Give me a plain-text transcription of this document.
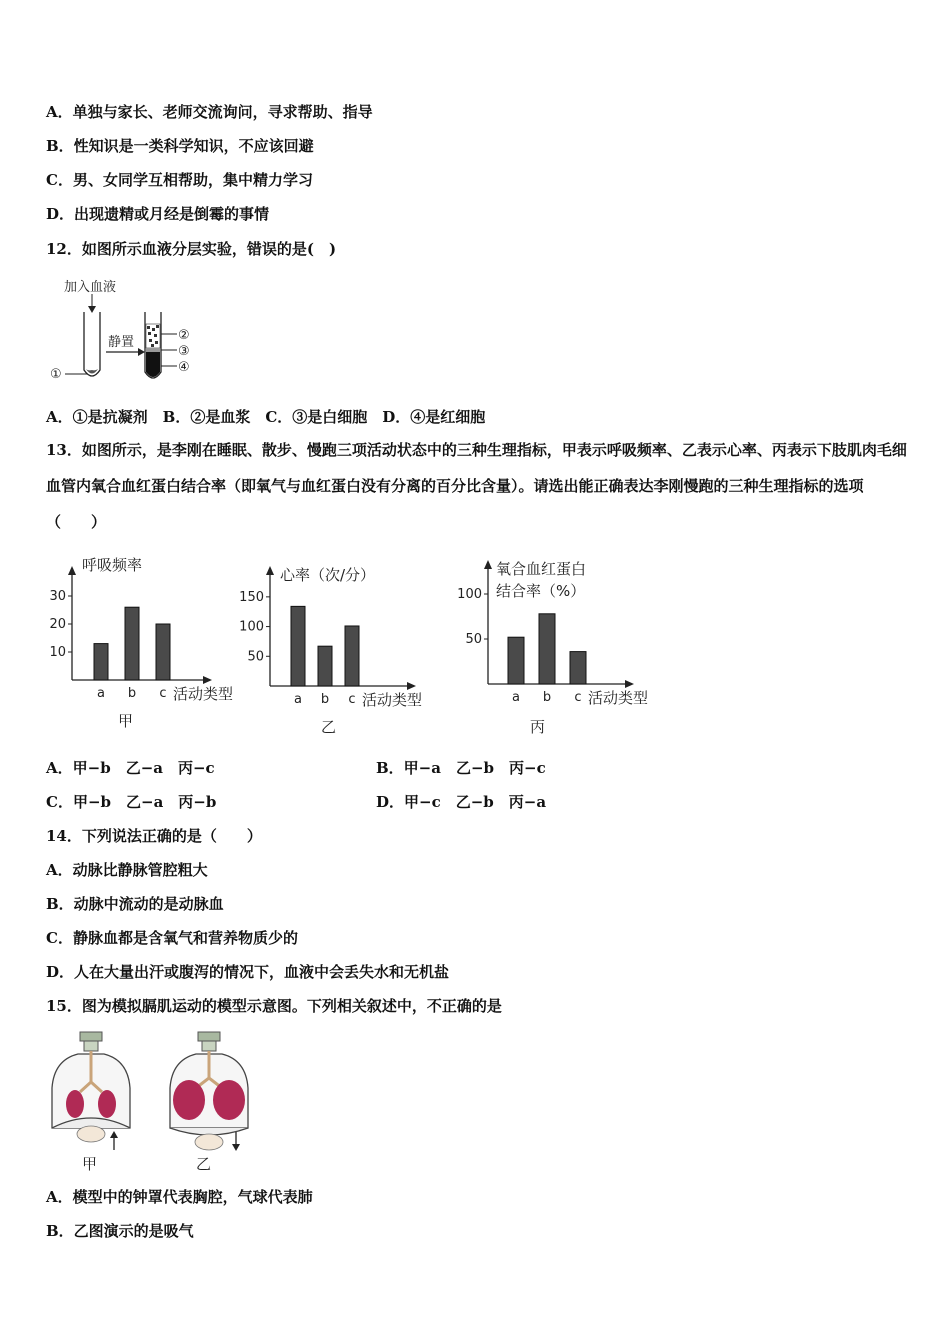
A．单独与家长、老师交流询问，寻求帮助、指导
B．性知识是一类科学知识，不应该回避
C．男、女同学互相帮助，集中精力学习
D．出现遗精或月经是倒霉的事情
12．如图所示血液分层实验，错误的是(　)
加入血液
①
静置	②
③
④
A．①是抗凝剂　B．②是血浆　C．③是白细胞　D．④是红细胞
13．如图所示，是李刚在睡眠、散步、慢跑三项活动状态中的三种生理指标，甲表示呼吸频率、乙表示心率、丙表示下肢肌肉毛细血管内氧合血红蛋白结合率（即氧气与血红蛋白没有分离的百分比含量）。请选出能正确表达李刚慢跑的三种生理指标的选项（　　）
10
20
30
a b c 活动类型
呼吸频率
甲
50
100
150
a b c 活动类型
心率（次/分）
乙
50
100
a b c 活动类型
氧合血红蛋白
结合率（%）
丙
A．甲−b　乙−a　丙−c	B．甲−a　乙−b　丙−c
C．甲−b　乙−a　丙−b	D．甲−c　乙−b　丙−a
14．下列说法正确的是（　　）
A．动脉比静脉管腔粗大
B．动脉中流动的是动脉血
C．静脉血都是含氧气和营养物质少的
D．人在大量出汗或腹泻的情况下，血液中会丢失水和无机盐
15．图为模拟膈肌运动的模型示意图。下列相关叙述中，不正确的是
甲	乙
A．模型中的钟罩代表胸腔，气球代表肺
B．乙图演示的是吸气
